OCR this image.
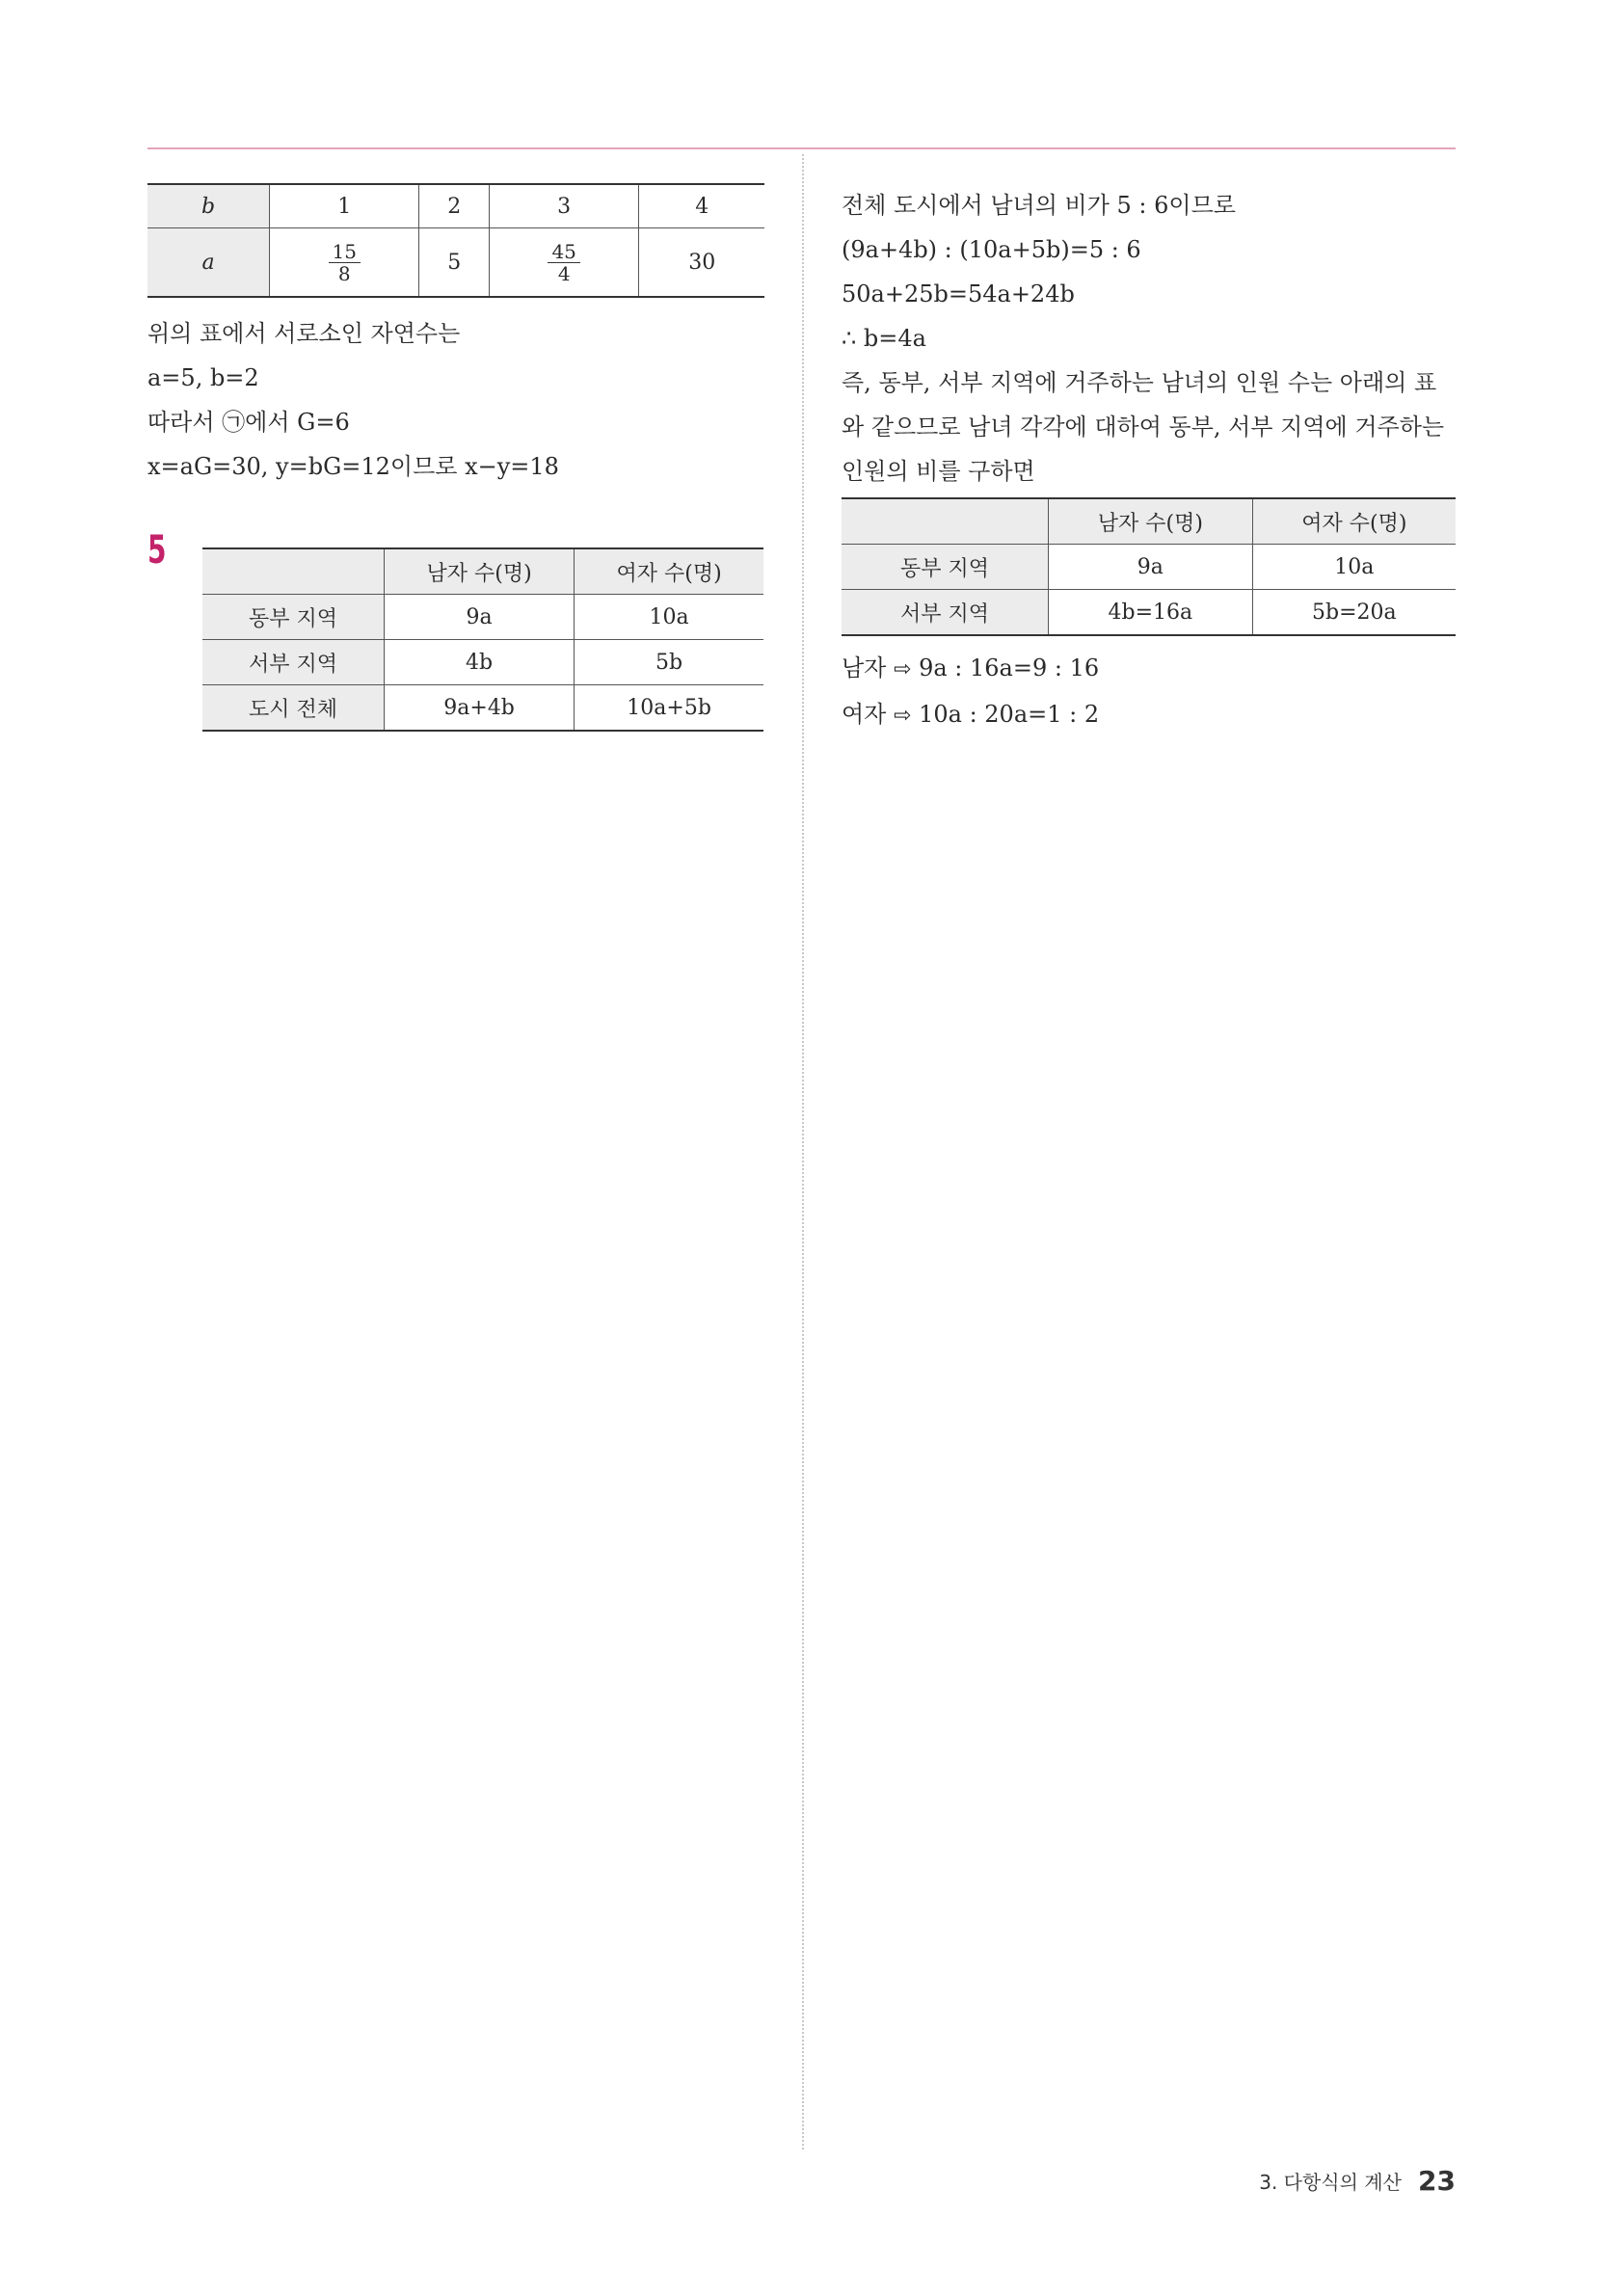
b	1	2	3	4
a	$\frac{15}{8}$	5	$\frac{45}{4}$	30
위의 표에서 서로소인 자연수는
a=5, b=2
따라서 ㉠에서 G=6
x=aG=30, y=bG=12이므로 x−y=18
5
	남자 수(명)	여자 수(명)
동부 지역	9a	10a
서부 지역	4b	5b
도시 전체	9a+4b	10a+5b
전체 도시에서 남녀의 비가 5 : 6이므로
(9a+4b) : (10a+5b)=5 : 6
50a+25b=54a+24b
∴ b=4a
즉, 동부, 서부 지역에 거주하는 남녀의 인원 수는 아래의 표와 같으므로 남녀 각각에 대하여 동부, 서부 지역에 거주하는 인원의 비를 구하면
	남자 수(명)	여자 수(명)
동부 지역	9a	10a
서부 지역	4b=16a	5b=20a
남자 ⇨ 9a : 16a=9 : 16
여자 ⇨ 10a : 20a=1 : 2
3. 다항식의 계산 23
